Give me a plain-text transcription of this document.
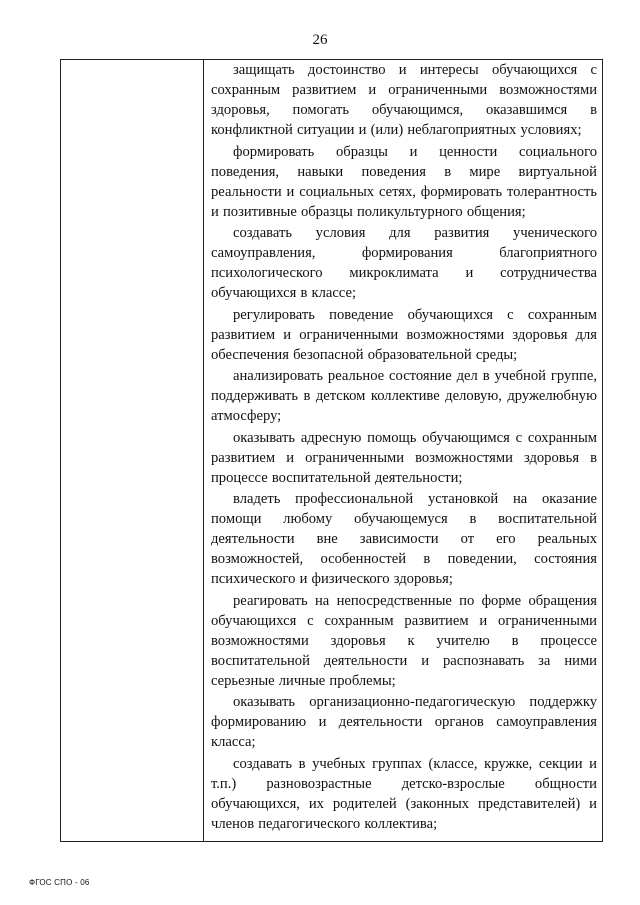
26

защищать достоинство и интересы обучающихся с сохранным развитием и ограниченными возможностями здоровья, помогать обучающимся, оказавшимся в конфликтной ситуации и (или) неблагоприятных условиях;

формировать образцы и ценности социального поведения, навыки поведения в мире виртуальной реальности и социальных сетях, формировать толерантность и позитивные образцы поликультурного общения;

создавать условия для развития ученического самоуправления, формирования благоприятного психологического микроклимата и сотрудничества обучающихся в классе;

регулировать поведение обучающихся с сохранным развитием и ограниченными возможностями здоровья для обеспечения безопасной образовательной среды;

анализировать реальное состояние дел в учебной группе, поддерживать в детском коллективе деловую, дружелюбную атмосферу;

оказывать адресную помощь обучающимся с сохранным развитием и ограниченными возможностями здоровья в процессе воспитательной деятельности;

владеть профессиональной установкой на оказание помощи любому обучающемуся в воспитательной деятельности вне зависимости от его реальных возможностей, особенностей в поведении, состояния психического и физического здоровья;

реагировать на непосредственные по форме обращения обучающихся с сохранным развитием и ограниченными возможностями здоровья к учителю в процессе воспитательной деятельности и распознавать за ними серьезные личные проблемы;

оказывать организационно-педагогическую поддержку формированию и деятельности органов самоуправления класса;

создавать в учебных группах (классе, кружке, секции и т.п.) разновозрастные детско-взрослые общности обучающихся, их родителей (законных представителей) и членов педагогического коллектива;

ФГОС СПО - 06
